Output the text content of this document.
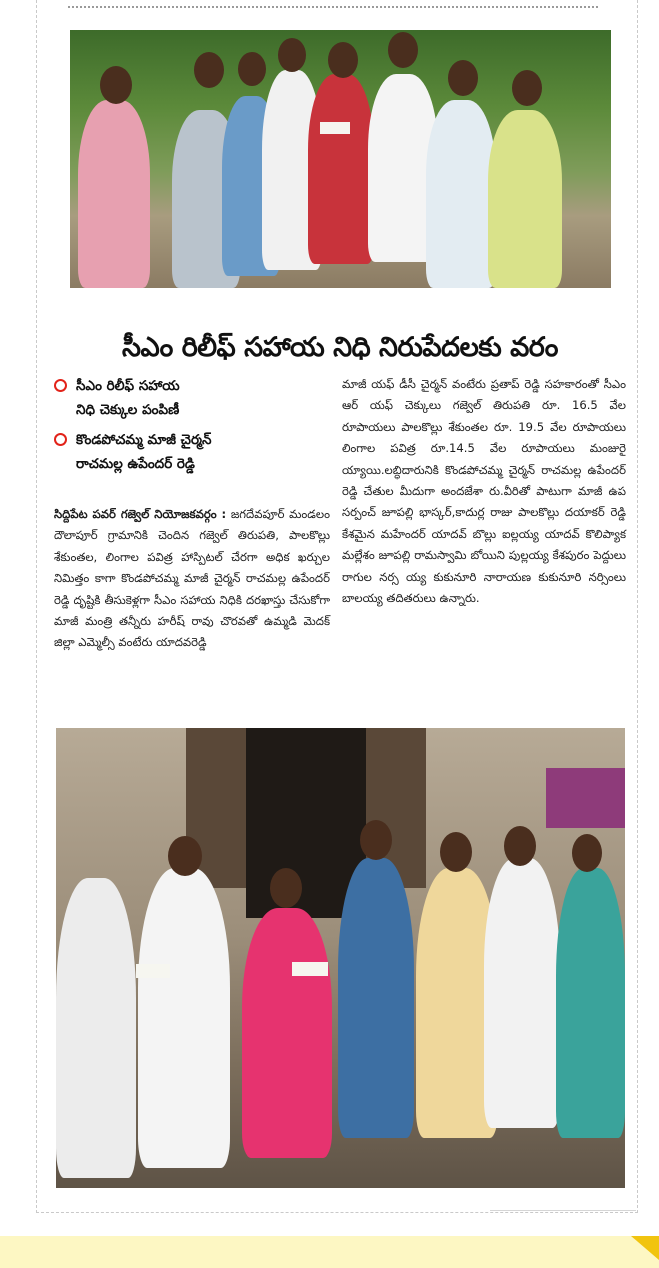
సీఎం రిలీఫ్ సహాయ నిధి నిరుపేదలకు వరం
సీఎం రిలీఫ్ సహాయ
నిధి చెక్కుల పంపిణీ
కొండపోచమ్మ మాజీ చైర్మన్
రాచమల్ల ఉపేందర్ రెడ్డి
సిద్దిపేట పవర్ గజ్వెల్ నియోజకవర్గం : జగదేవపూర్ మండలం దౌలాపూర్ గ్రామానికి చెందిన గజ్వెల్ తిరుపతి, పాలకొల్లు శేకుంతల, లింగాల పవిత్ర హాస్పిటల్ చేరగా అధిక ఖర్చుల నిమిత్తం కాగా కొండపోచమ్మ మాజీ చైర్మన్ రాచమల్ల ఉపేందర్ రెడ్డి దృష్టికి తీసుకెళ్లగా సీఎం సహాయ నిధికి దరఖాస్తు చేసుకోగా మాజీ మంత్రి తన్నీరు హరీష్ రావు చొరవతో ఉమ్మడి మెదక్ జిల్లా ఎమ్మెల్సీ వంటేరు యాదవరెడ్డి
మాజీ యఫ్ డీసీ చైర్మన్ వంటేరు ప్రతాప్ రెడ్డి సహకారంతో సీఎం ఆర్ యఫ్ చెక్కులు గజ్వెల్ తిరుపతి రూ. 16.5 వేల రూపాయలు పాలకొల్లు శేకుంతల రూ. 19.5 వేల రూపాయలు లింగాల పవిత్ర రూ.14.5 వేల రూపాయలు మంజురై య్యాయి.లబ్ధిదారునికి కొండపోచమ్మ చైర్మన్ రాచమల్ల ఉపేందర్ రెడ్డి చేతుల మీదుగా అందజేశా రు.వీరితో పాటుగా మాజీ ఉప సర్పంచ్ జూపల్లి భాస్కర్,కాదుర్ల రాజు పాలకొల్లు దయాకర్ రెడ్డి కేశమైన మహేందర్ యాదవ్ బొల్లు ఐల్లయ్య యాదవ్ కొలిప్యాక మల్లేశం జూపల్లి రామస్వామి బోయిని పుల్లయ్య కేశపురం పెద్దులు రాగుల నర్స య్య కుకునూరి నారాయణ కుకునూరి నర్సింలు బాలయ్య తదితరులు ఉన్నారు.
